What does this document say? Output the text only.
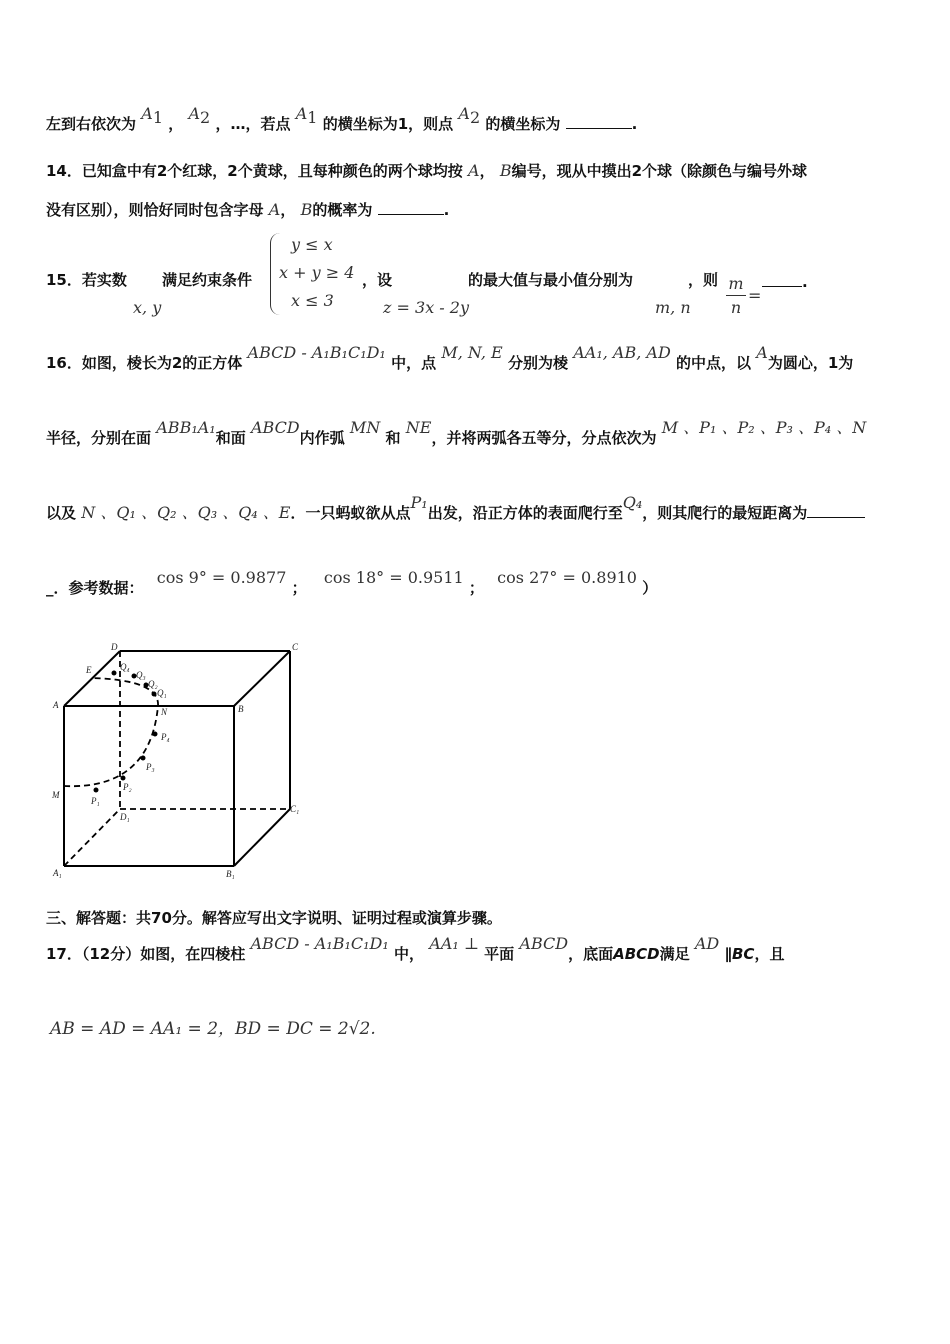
左到右依次为 $A_1$ ， $A_2$ ，…，若点 $A_1$ 的横坐标为1，则点 $A_2$ 的横坐标为	.
14．已知盒中有2个红球，2个黄球，且每种颜色的两个球均按 A， B编号，现从中摸出2个球（除颜色与编号外球
没有区别），则恰好同时包含字母 A， B的概率为	.
15．若实数
x, y
满足约束条件
y ≤ x
x + y ≥ 4
x ≤ 3
，设
z = 3x - 2y
的最大值与最小值分别为
m, n
，则 m
n
=
.
16．如图，棱长为2的正方体 ABCD - A₁B₁C₁D₁ 中，点 M, N, E 分别为棱 AA₁, AB, AD 的中点，以 A为圆心，1为
半径，分别在面 ABB₁A₁和面 ABCD内作弧 MN 和 NE，并将两弧各五等分，分点依次为 M 、P₁ 、P₂ 、P₃ 、P₄ 、N
以及 N 、Q₁ 、Q₂ 、Q₃ 、Q₄ 、E．一只蚂蚁欲从点P₁出发，沿正方体的表面爬行至Q₄，则其爬行的最短距离为
_．参考数据： cos 9° = 0.9877 ； cos 18° = 0.9511 ； cos 27° = 0.8910 ）
D	C
E	Q₄
Q₃
Q₂
Q₁
A	B
N
P₄
P₃
M
P₂
P₁
D₁
C₁
A₁	B₁
三、解答题：共70分。解答应写出文字说明、证明过程或演算步骤。
17．（12分）如图，在四棱柱 ABCD - A₁B₁C₁D₁ 中， AA₁ ⊥ 平面 ABCD，底面ABCD满足 AD ∥BC，且
AB = AD = AA₁ = 2，BD = DC = 2√2.
